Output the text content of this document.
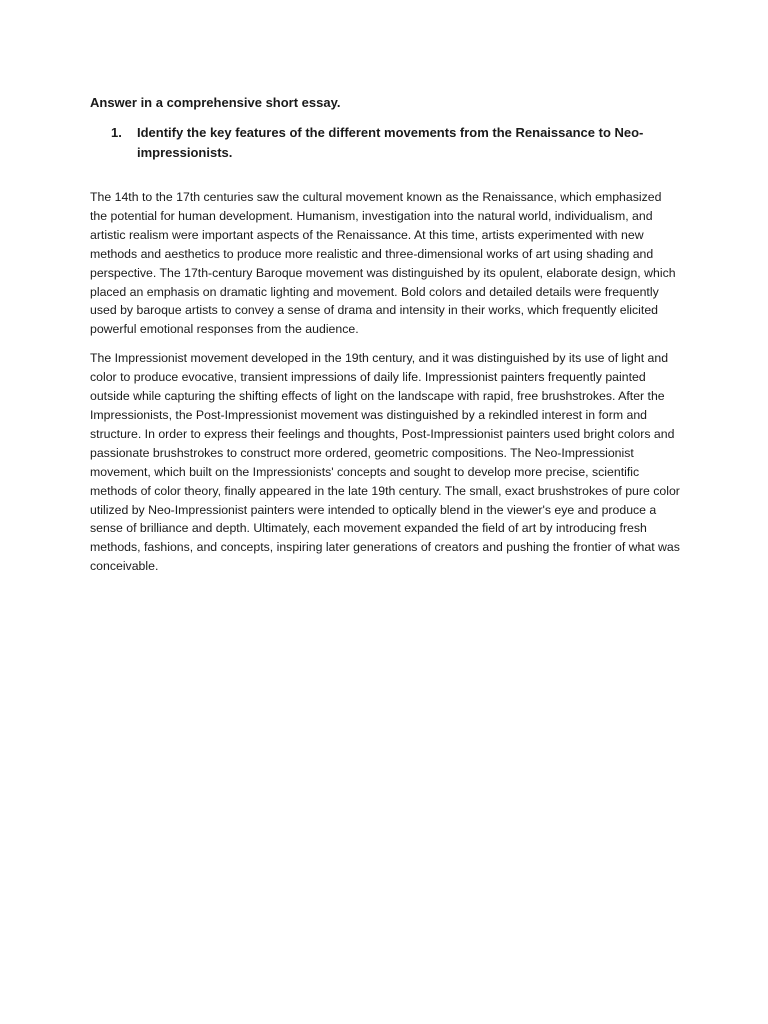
Answer in a comprehensive short essay.

1.	Identify the key features of the different movements from the Renaissance to Neo-impressionists.

The 14th to the 17th centuries saw the cultural movement known as the Renaissance, which emphasized the potential for human development. Humanism, investigation into the natural world, individualism, and artistic realism were important aspects of the Renaissance. At this time, artists experimented with new methods and aesthetics to produce more realistic and three-dimensional works of art using shading and perspective. The 17th-century Baroque movement was distinguished by its opulent, elaborate design, which placed an emphasis on dramatic lighting and movement. Bold colors and detailed details were frequently used by baroque artists to convey a sense of drama and intensity in their works, which frequently elicited powerful emotional responses from the audience.

The Impressionist movement developed in the 19th century, and it was distinguished by its use of light and color to produce evocative, transient impressions of daily life. Impressionist painters frequently painted outside while capturing the shifting effects of light on the landscape with rapid, free brushstrokes. After the Impressionists, the Post-Impressionist movement was distinguished by a rekindled interest in form and structure. In order to express their feelings and thoughts, Post-Impressionist painters used bright colors and passionate brushstrokes to construct more ordered, geometric compositions. The Neo-Impressionist movement, which built on the Impressionists' concepts and sought to develop more precise, scientific methods of color theory, finally appeared in the late 19th century. The small, exact brushstrokes of pure color utilized by Neo-Impressionist painters were intended to optically blend in the viewer's eye and produce a sense of brilliance and depth. Ultimately, each movement expanded the field of art by introducing fresh methods, fashions, and concepts, inspiring later generations of creators and pushing the frontier of what was conceivable.
